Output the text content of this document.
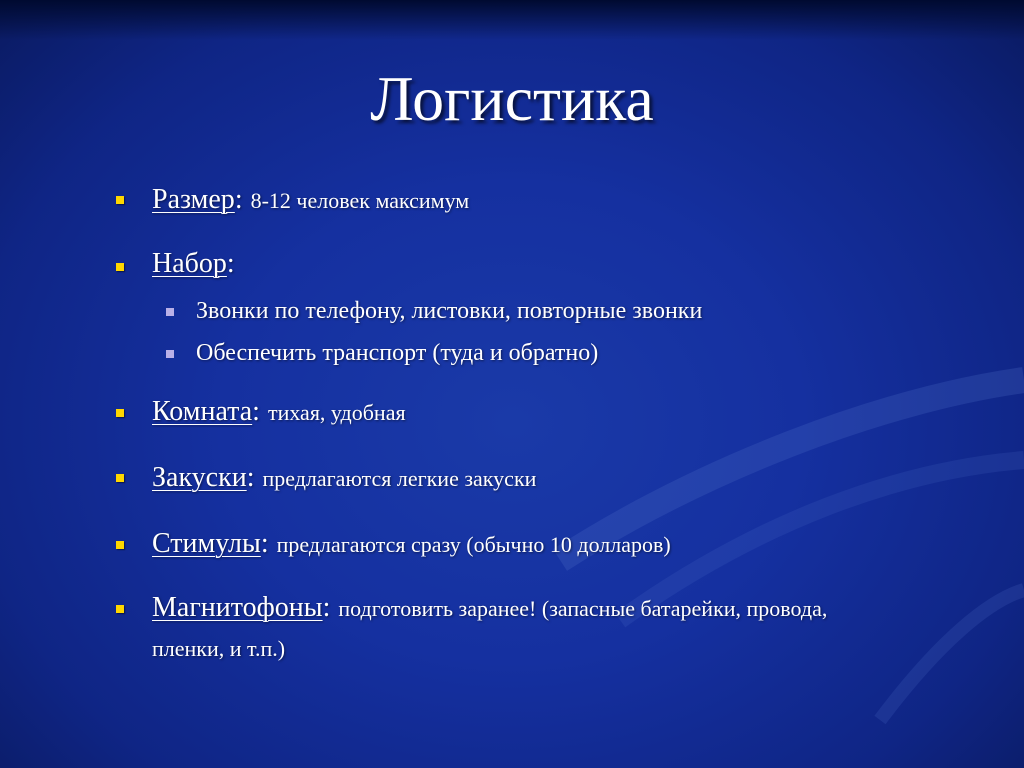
Логистика
Размер: 8-12 человек максимум
Набор:
Звонки по телефону, листовки, повторные звонки
Обеспечить транспорт (туда и обратно)
Комната: тихая, удобная
Закуски: предлагаются легкие закуски
Стимулы: предлагаются сразу (обычно 10 долларов)
Магнитофоны: подготовить заранее! (запасные батарейки, провода,
пленки, и т.п.)
